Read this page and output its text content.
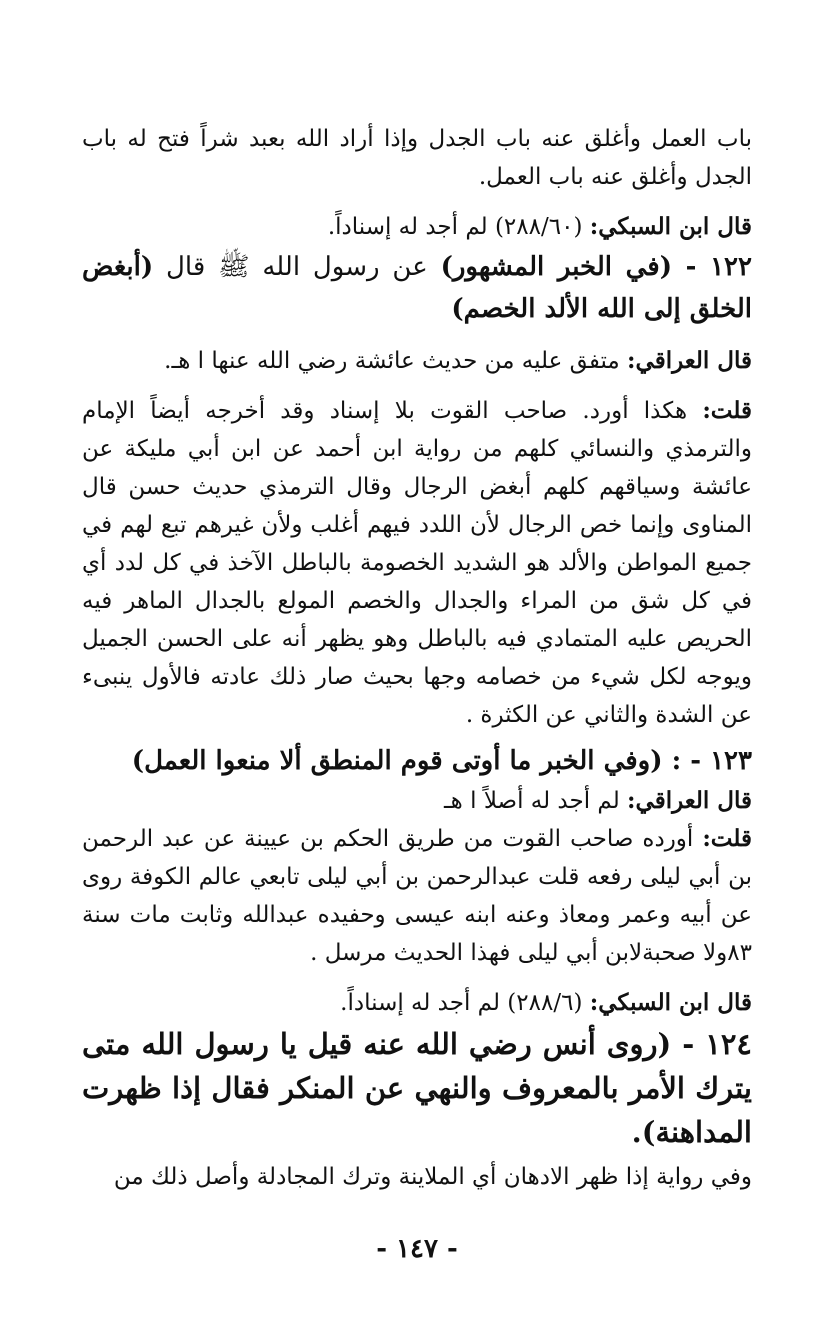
باب العمل وأغلق عنه باب الجدل وإذا أراد الله بعبد شراً فتح له باب الجدل وأغلق عنه باب العمل.

قال ابن السبكي: (٢٨٨/٦٠) لم أجد له إسناداً.

١٢٢ - (في الخبر المشهور) عن رسول الله ﷺ قال (أبغض الخلق إلى الله الألد الخصم)

قال العراقي: متفق عليه من حديث عائشة رضي الله عنها ا هـ.

قلت: هكذا أورد. صاحب القوت بلا إسناد وقد أخرجه أيضاً الإمام والترمذي والنسائي كلهم من رواية ابن أحمد عن ابن أبي مليكة عن عائشة وسياقهم كلهم أبغض الرجال وقال الترمذي حديث حسن قال المناوى وإنما خص الرجال لأن اللدد فيهم أغلب ولأن غيرهم تبع لهم في جميع المواطن والألد هو الشديد الخصومة بالباطل الآخذ في كل لدد أي في كل شق من المراء والجدال والخصم المولع بالجدال الماهر فيه الحريص عليه المتمادي فيه بالباطل وهو يظهر أنه على الحسن الجميل ويوجه لكل شيء من خصامه وجها بحيث صار ذلك عادته فالأول ينبىء عن الشدة والثاني عن الكثرة .

١٢٣ - : (وفي الخبر ما أوتى قوم المنطق ألا منعوا العمل)

قال العراقي: لم أجد له أصلاً ا هـ

قلت: أورده صاحب القوت من طريق الحكم بن عيينة عن عبد الرحمن بن أبي ليلى رفعه قلت عبدالرحمن بن أبي ليلى تابعي عالم الكوفة روى عن أبيه وعمر ومعاذ وعنه ابنه عيسى وحفيده عبدالله وثابت مات سنة ٨٣ولا صحبةلابن أبي ليلى فهذا الحديث مرسل .

قال ابن السبكي: (٢٨٨/٦) لم أجد له إسناداً.

١٢٤ - (روى أنس رضي الله عنه قيل يا رسول الله متى يترك الأمر بالمعروف والنهي عن المنكر فقال إذا ظهرت المداهنة).

وفي رواية إذا ظهر الادهان أي الملاينة وترك المجادلة وأصل ذلك من

- ١٤٧ -
